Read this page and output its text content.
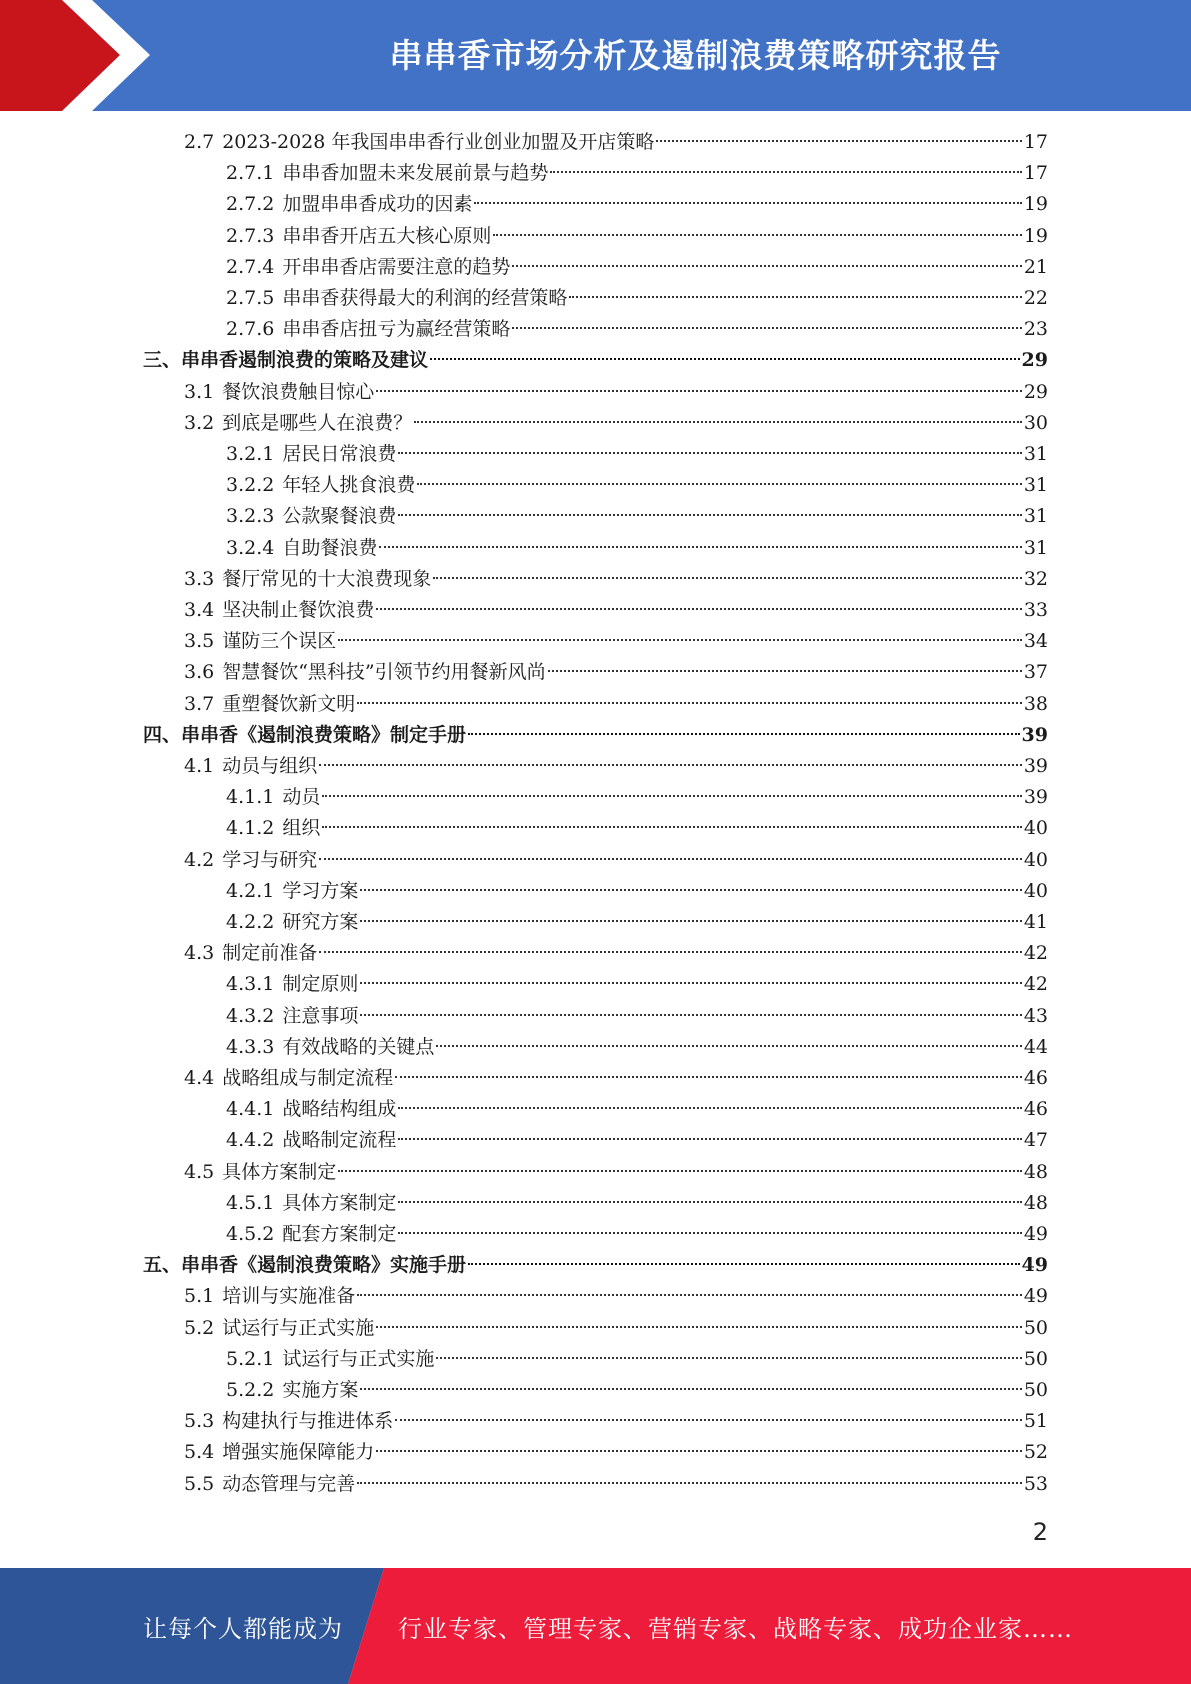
串串香市场分析及遏制浪费策略研究报告
2.7 2023-2028 年我国串串香行业创业加盟及开店策略	17
2.7.1 串串香加盟未来发展前景与趋势	17
2.7.2 加盟串串香成功的因素	19
2.7.3 串串香开店五大核心原则	19
2.7.4 开串串香店需要注意的趋势	21
2.7.5 串串香获得最大的利润的经营策略	22
2.7.6 串串香店扭亏为赢经营策略	23
三、串串香遏制浪费的策略及建议	29
3.1 餐饮浪费触目惊心	29
3.2 到底是哪些人在浪费？	30
3.2.1 居民日常浪费	31
3.2.2 年轻人挑食浪费	31
3.2.3 公款聚餐浪费	31
3.2.4 自助餐浪费	31
3.3 餐厅常见的十大浪费现象	32
3.4 坚决制止餐饮浪费	33
3.5 谨防三个误区	34
3.6 智慧餐饮“黑科技”引领节约用餐新风尚	37
3.7 重塑餐饮新文明	38
四、串串香《遏制浪费策略》制定手册	39
4.1 动员与组织	39
4.1.1 动员	39
4.1.2 组织	40
4.2 学习与研究	40
4.2.1 学习方案	40
4.2.2 研究方案	41
4.3 制定前准备	42
4.3.1 制定原则	42
4.3.2 注意事项	43
4.3.3 有效战略的关键点	44
4.4 战略组成与制定流程	46
4.4.1 战略结构组成	46
4.4.2 战略制定流程	47
4.5 具体方案制定	48
4.5.1 具体方案制定	48
4.5.2 配套方案制定	49
五、串串香《遏制浪费策略》实施手册	49
5.1 培训与实施准备	49
5.2 试运行与正式实施	50
5.2.1 试运行与正式实施	50
5.2.2 实施方案	50
5.3 构建执行与推进体系	51
5.4 增强实施保障能力	52
5.5 动态管理与完善	53
2
让每个人都能成为 行业专家、管理专家、营销专家、战略专家、成功企业家……
